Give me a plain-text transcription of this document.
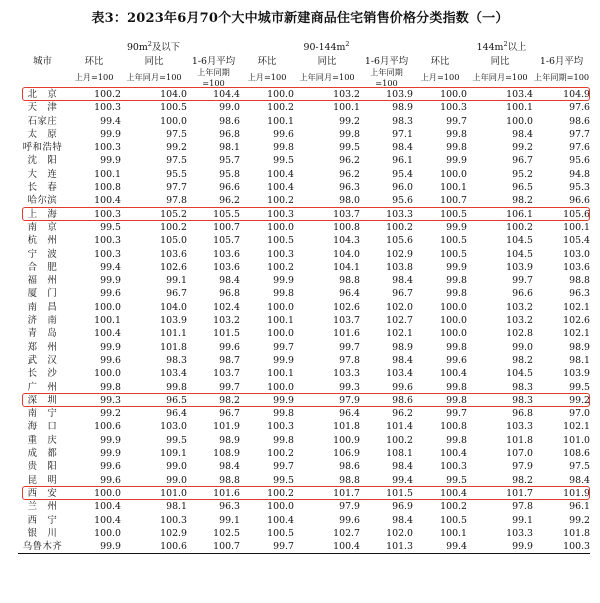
表3：2023年6月70个大中城市新建商品住宅销售价格分类指数（一）
城市	$90m^2$及以下			$90-144m^2$			$144m^2$以上		
	环比	同比	1-6月平均	环比	同比	1-6月平均	环比	同比	1-6月平均
	上月=100	上年同月=100	上年同期=100	上月=100	上年同月=100	上年同期=100	上月=100	上年同月=100	上年同期=100
北　京	100.2	104.0	104.4	100.0	103.2	103.9	100.0	103.4	104.9
天　津	100.3	100.5	99.0	100.2	100.1	98.9	100.3	100.1	97.6
石家庄	99.4	100.0	98.6	100.1	99.2	98.3	99.7	100.0	98.6
太　原	99.9	97.5	96.8	99.6	99.8	97.1	99.8	98.4	97.7
呼和浩特	100.3	99.2	98.1	99.8	99.5	98.4	99.8	99.2	97.6
沈　阳	99.9	97.5	95.7	99.5	96.2	96.1	99.9	96.7	95.6
大　连	100.1	95.5	95.8	100.4	96.2	95.4	100.0	95.2	94.8
长　春	100.8	97.7	96.6	100.4	96.3	96.0	100.1	96.5	95.3
哈尔滨	100.4	97.8	96.2	100.2	98.0	95.6	100.7	98.2	96.6
上　海	100.3	105.2	105.5	100.3	103.7	103.3	100.5	106.1	105.6
南　京	99.5	100.2	100.7	100.0	100.8	100.2	99.9	100.2	100.1
杭　州	100.3	105.0	105.7	100.5	104.3	105.6	100.5	104.5	105.4
宁　波	100.3	103.6	103.6	100.3	104.0	102.9	100.5	104.5	103.0
合　肥	99.4	102.6	103.6	100.2	104.1	103.8	99.9	103.9	103.6
福　州	99.9	99.1	98.4	99.9	98.8	98.4	99.8	99.7	98.8
厦　门	99.6	96.7	96.8	99.8	96.4	96.7	99.8	96.6	96.3
南　昌	100.0	104.0	102.4	100.0	102.6	102.0	100.0	103.2	102.1
济　南	100.1	103.9	103.2	100.1	103.7	102.7	100.0	103.2	102.6
青　岛	100.4	101.1	101.5	100.0	101.6	102.1	100.0	102.8	102.1
郑　州	99.9	101.8	99.6	99.7	99.7	98.9	99.8	99.0	98.9
武　汉	99.6	98.3	98.7	99.9	97.8	98.4	99.6	98.2	98.1
长　沙	100.0	103.4	103.7	100.1	103.3	103.4	100.4	104.5	103.9
广　州	99.8	99.8	99.7	100.0	99.3	99.6	99.8	98.3	99.5
深　圳	99.3	96.5	98.2	99.9	97.9	98.6	99.8	98.3	99.2
南　宁	99.2	96.4	96.7	99.8	96.4	96.2	99.7	96.8	97.0
海　口	100.6	103.0	101.9	100.3	101.8	101.4	100.8	103.3	102.1
重　庆	99.9	99.5	98.9	99.8	100.9	100.2	99.8	101.8	101.0
成　都	99.9	109.1	108.9	100.2	106.9	108.1	100.4	107.0	108.6
贵　阳	99.6	99.0	98.4	99.7	98.6	98.4	100.3	97.9	97.5
昆　明	99.6	99.0	98.8	99.5	98.8	99.4	99.5	98.2	98.4
西　安	100.0	101.0	101.6	100.2	101.7	101.5	100.4	101.7	101.9
兰　州	100.4	98.1	96.3	100.0	97.9	96.9	100.2	97.8	96.1
西　宁	100.4	100.3	99.1	100.4	99.6	98.4	100.5	99.1	99.2
银　川	100.0	102.9	102.5	100.5	102.7	102.0	100.1	103.3	101.8
乌鲁木齐	99.9	100.6	100.7	99.7	100.4	101.3	99.4	99.9	100.3
